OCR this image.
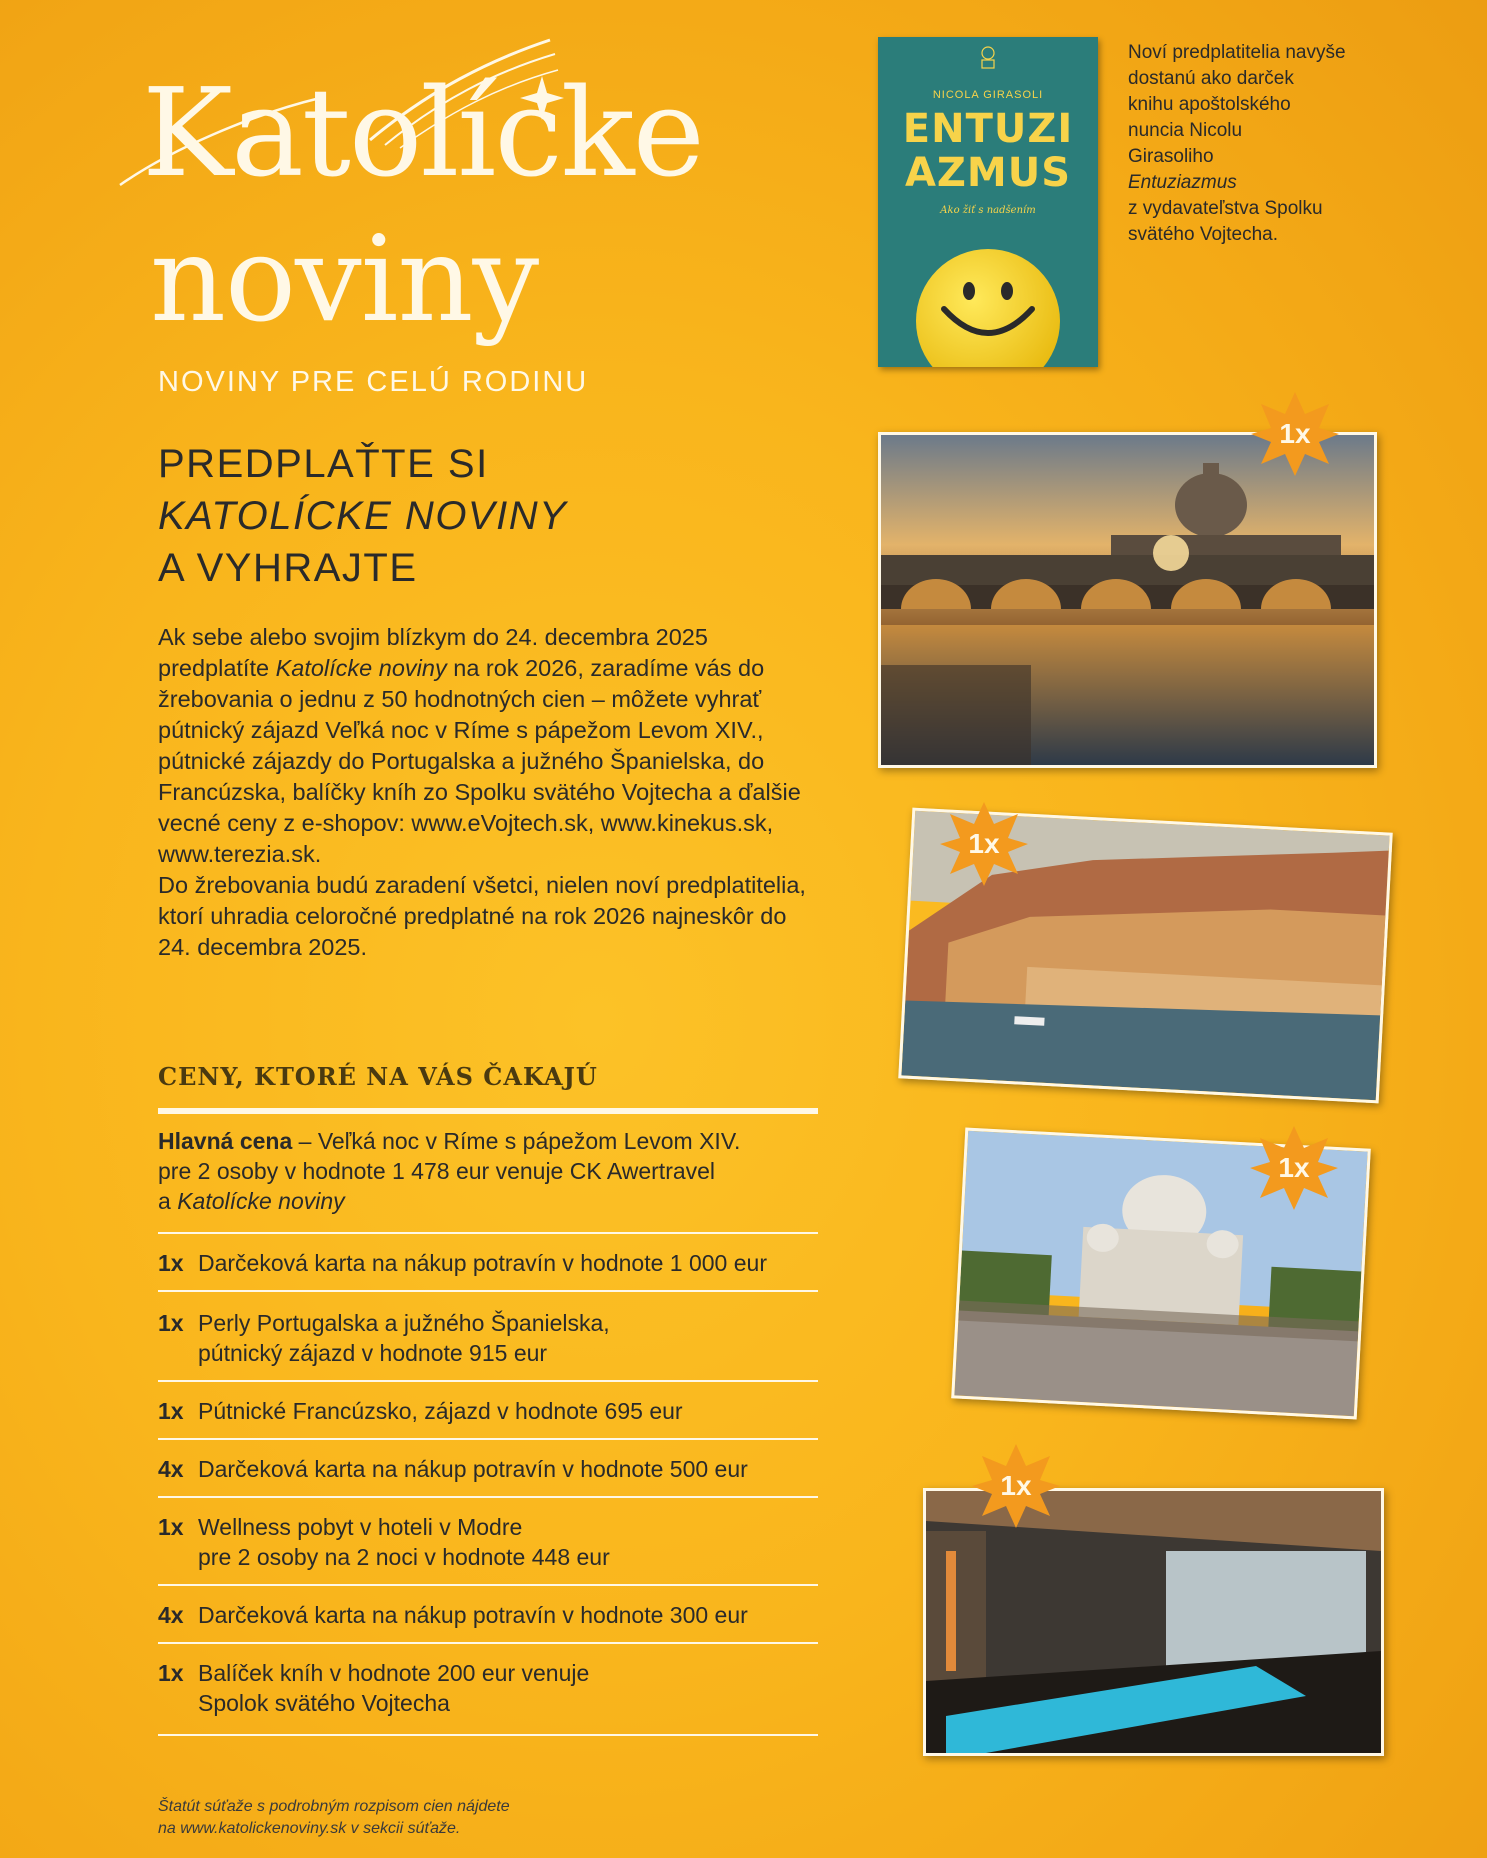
Katolícke
noviny
NOVINY PRE CELÚ RODINU
PREDPLAŤTE SI
KATOLÍCKE NOVINY
A VYHRAJTE

Ak sebe alebo svojim blízkym do 24. decembra 2025 predplatíte Katolícke noviny na rok 2026, zaradíme vás do žrebovania o jednu z 50 hodnotných cien – môžete vyhrať pútnický zájazd Veľká noc v Ríme s pápežom Levom XIV., pútnické zájazdy do Portugalska a južného Španielska, do Francúzska, balíčky kníh zo Spolku svätého Vojtecha a ďalšie vecné ceny z e-shopov: www.eVojtech.sk, www.kinekus.sk, www.terezia.sk.

Do žrebovania budú zaradení všetci, nielen noví predplatitelia, ktorí uhradia celoročné predplatné na rok 2026 najneskôr do 24. decembra 2025.

CENY, KTORÉ NA VÁS ČAKAJÚ
Hlavná cena – Veľká noc v Ríme s pápežom Levom XIV.
pre 2 osoby v hodnote 1 478 eur venuje CK Awertravel
a Katolícke noviny
1x Darčeková karta na nákup potravín v hodnote 1 000 eur
1x Perly Portugalska a južného Španielska,
pútnický zájazd v hodnote 915 eur
1x Pútnické Francúzsko, zájazd v hodnote 695 eur
4x Darčeková karta na nákup potravín v hodnote 500 eur
1x Wellness pobyt v hoteli v Modre
pre 2 osoby na 2 noci v hodnote 448 eur
4x Darčeková karta na nákup potravín v hodnote 300 eur
1x Balíček kníh v hodnote 200 eur venuje
Spolok svätého Vojtecha
Štatút súťaže s podrobným rozpisom cien nájdete
na www.katolickenoviny.sk v sekcii súťaže.
NICOLA GIRASOLI
ENTUZI
AZMUS
Ako žiť s nadšením
Noví predplatitelia navyše
dostanú ako darček
knihu apoštolského
nuncia Nicolu
Girasoliho
Entuziazmus
z vydavateľstva Spolku
svätého Vojtecha.
1x
1x
1x
1x
